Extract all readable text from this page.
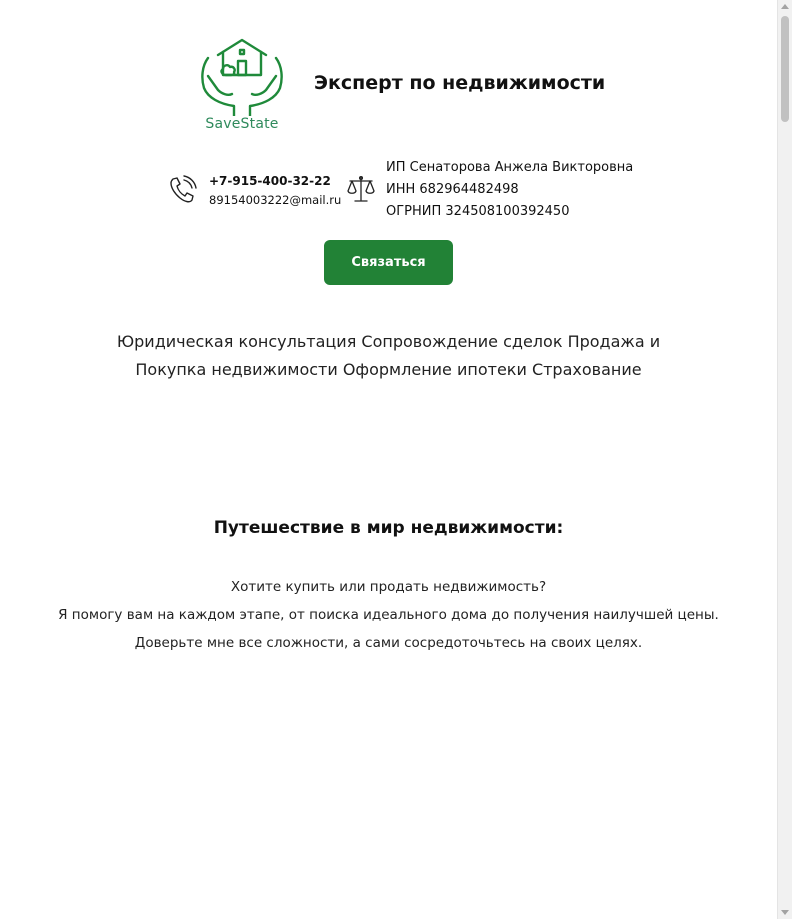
SaveState
Эксперт по недвижимости
+7-915-400-32-22
89154003222@mail.ru
ИП Сенаторова Анжела Викторовна
ИНН 682964482498
ОГРНИП 324508100392450
Связаться
Юридическая консультация Сопровождение сделок Продажа и Покупка недвижимости Оформление ипотеки Страхование
Путешествие в мир недвижимости:
Хотите купить или продать недвижимость?
Я помогу вам на каждом этапе, от поиска идеального дома до получения наилучшей цены.
Доверьте мне все сложности, а сами сосредоточьтесь на своих целях.
